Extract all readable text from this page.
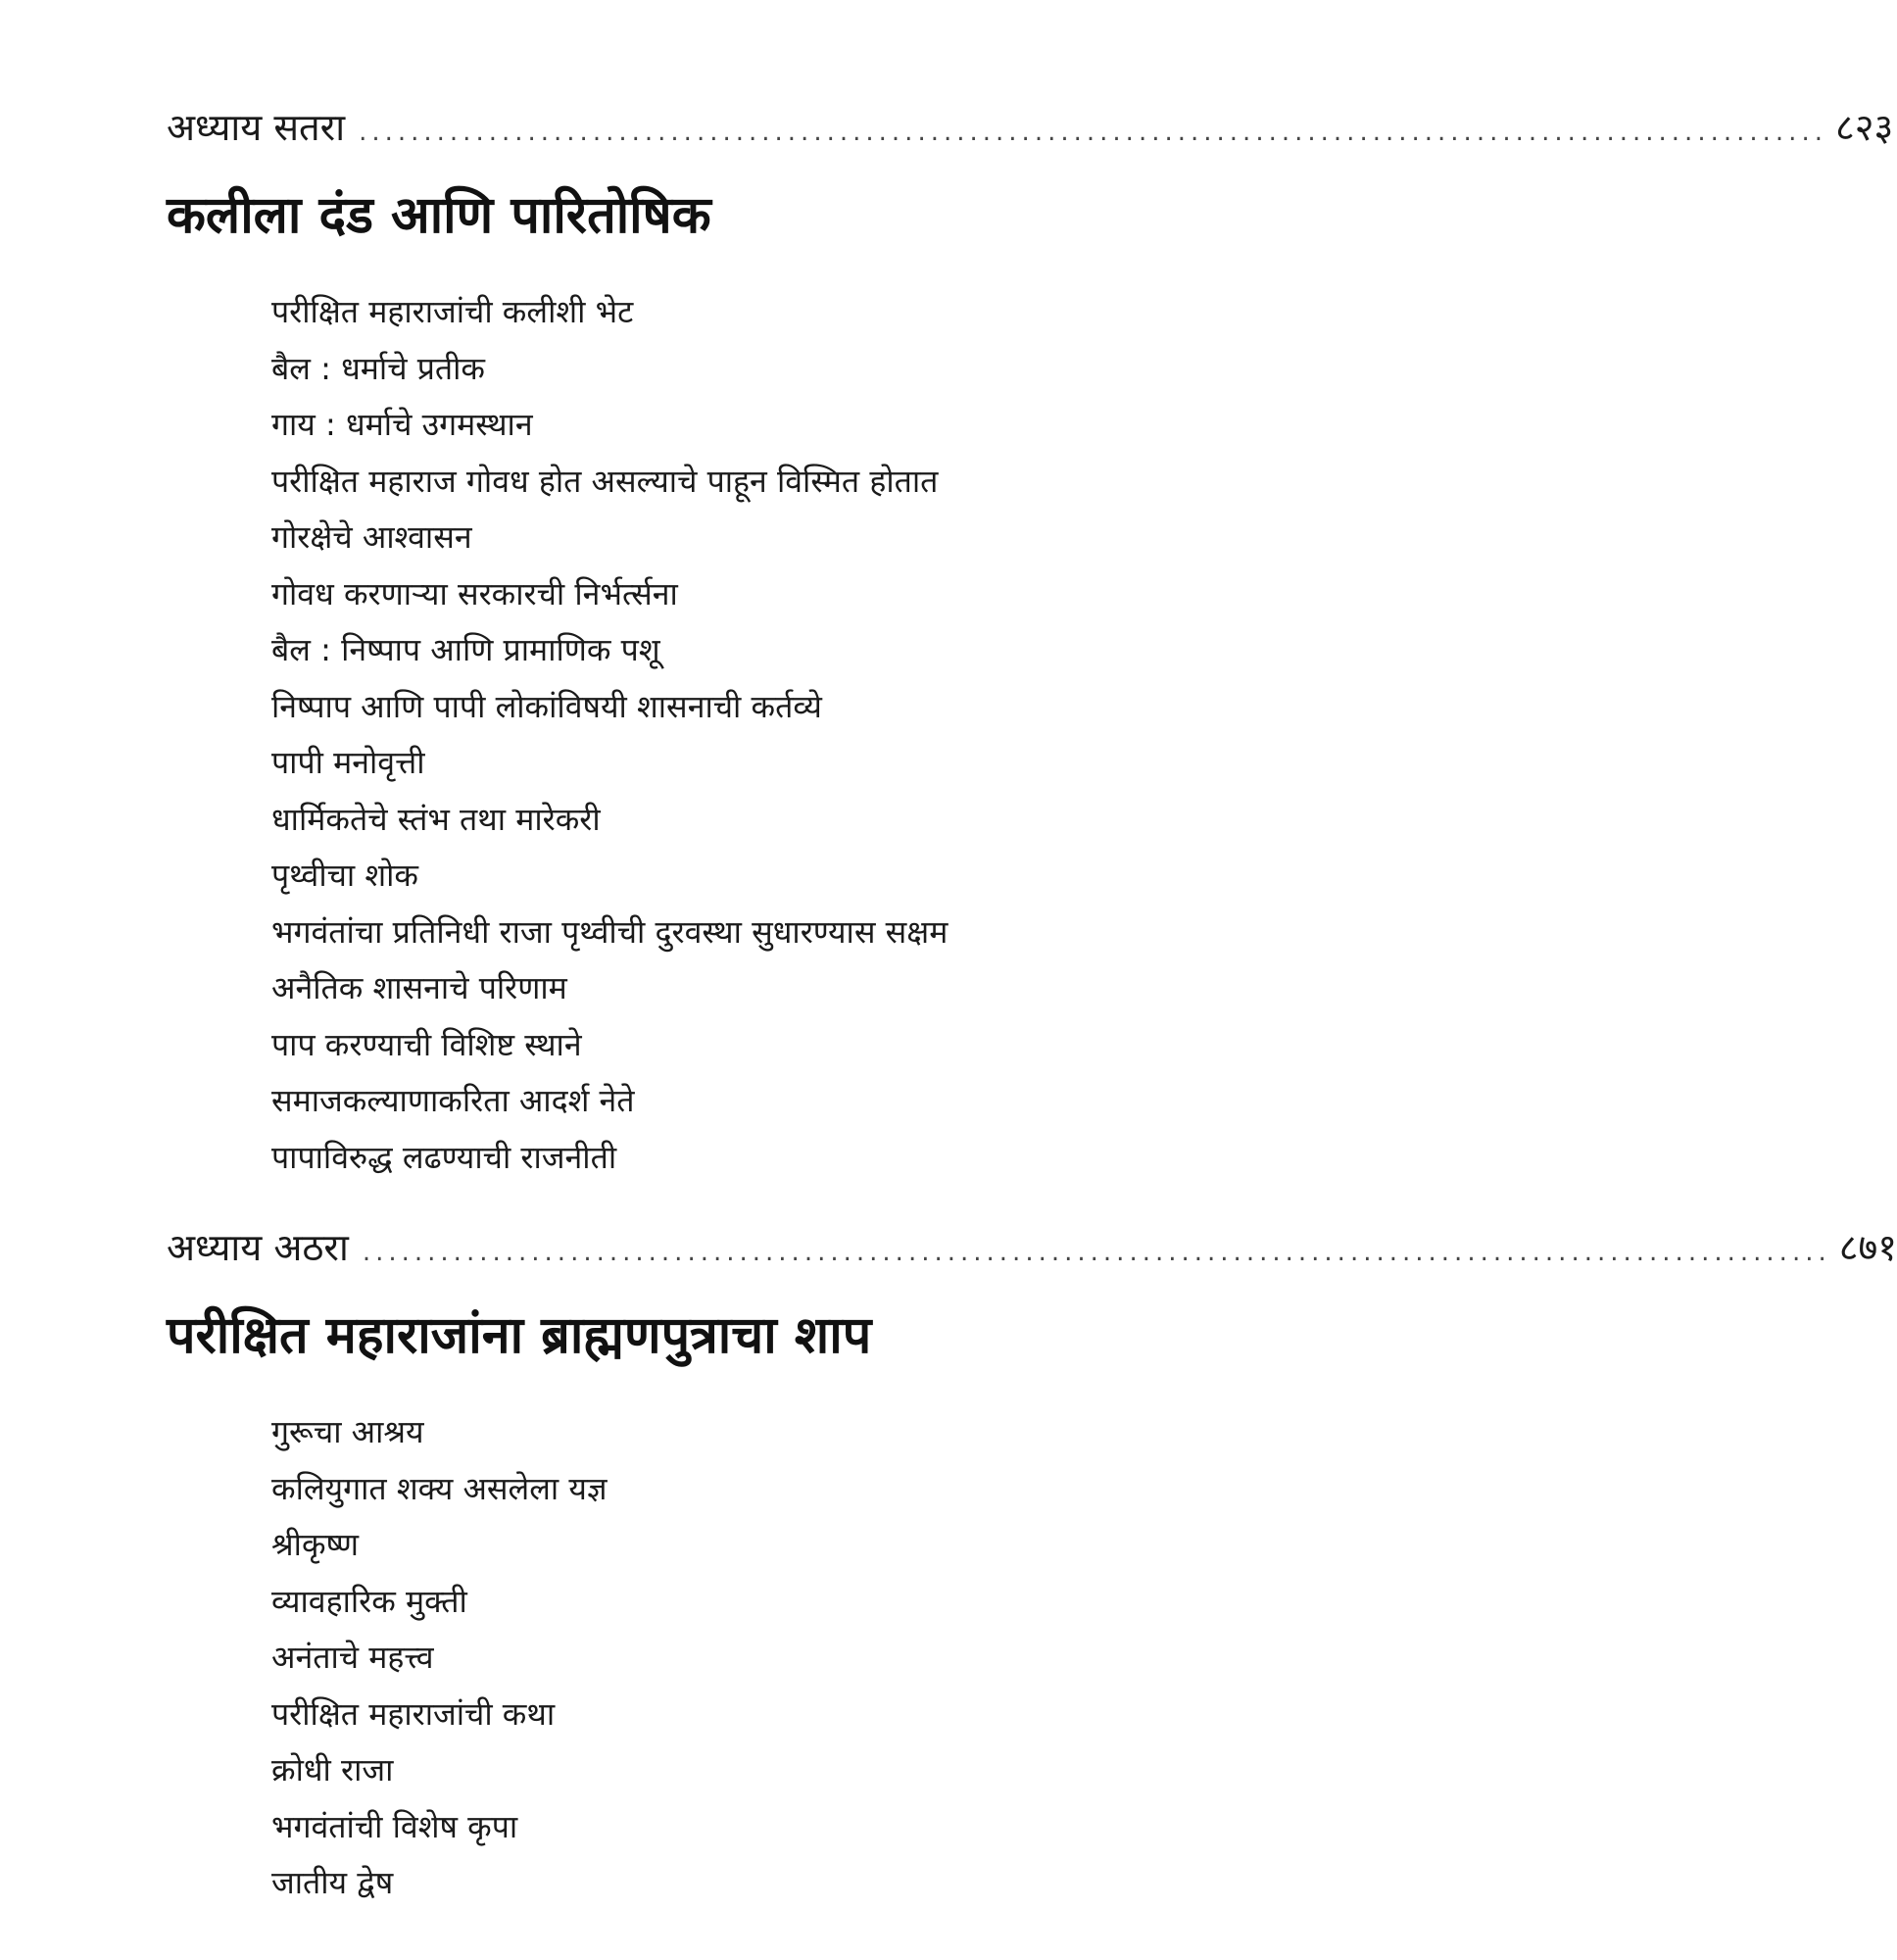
अध्याय सतरा ................................................................................................................. ८२३
कलीला दंड आणि पारितोषिक
परीक्षित महाराजांची कलीशी भेट
बैल : धर्माचे प्रतीक
गाय : धर्माचे उगमस्थान
परीक्षित महाराज गोवध होत असल्याचे पाहून विस्मित होतात
गोरक्षेचे आश्वासन
गोवध करणाऱ्या सरकारची निर्भर्त्सना
बैल : निष्पाप आणि प्रामाणिक पशू
निष्पाप आणि पापी लोकांविषयी शासनाची कर्तव्ये
पापी मनोवृत्ती
धार्मिकतेचे स्तंभ तथा मारेकरी
पृथ्वीचा शोक
भगवंतांचा प्रतिनिधी राजा पृथ्वीची दुरवस्था सुधारण्यास सक्षम
अनैतिक शासनाचे परिणाम
पाप करण्याची विशिष्ट स्थाने
समाजकल्याणाकरिता आदर्श नेते
पापाविरुद्ध लढण्याची राजनीती
अध्याय अठरा ................................................................................................................. ८७१
परीक्षित महाराजांना ब्राह्मणपुत्राचा शाप
गुरूचा आश्रय
कलियुगात शक्य असलेला यज्ञ
श्रीकृष्ण
व्यावहारिक मुक्ती
अनंताचे महत्त्व
परीक्षित महाराजांची कथा
क्रोधी राजा
भगवंतांची विशेष कृपा
जातीय द्वेष
